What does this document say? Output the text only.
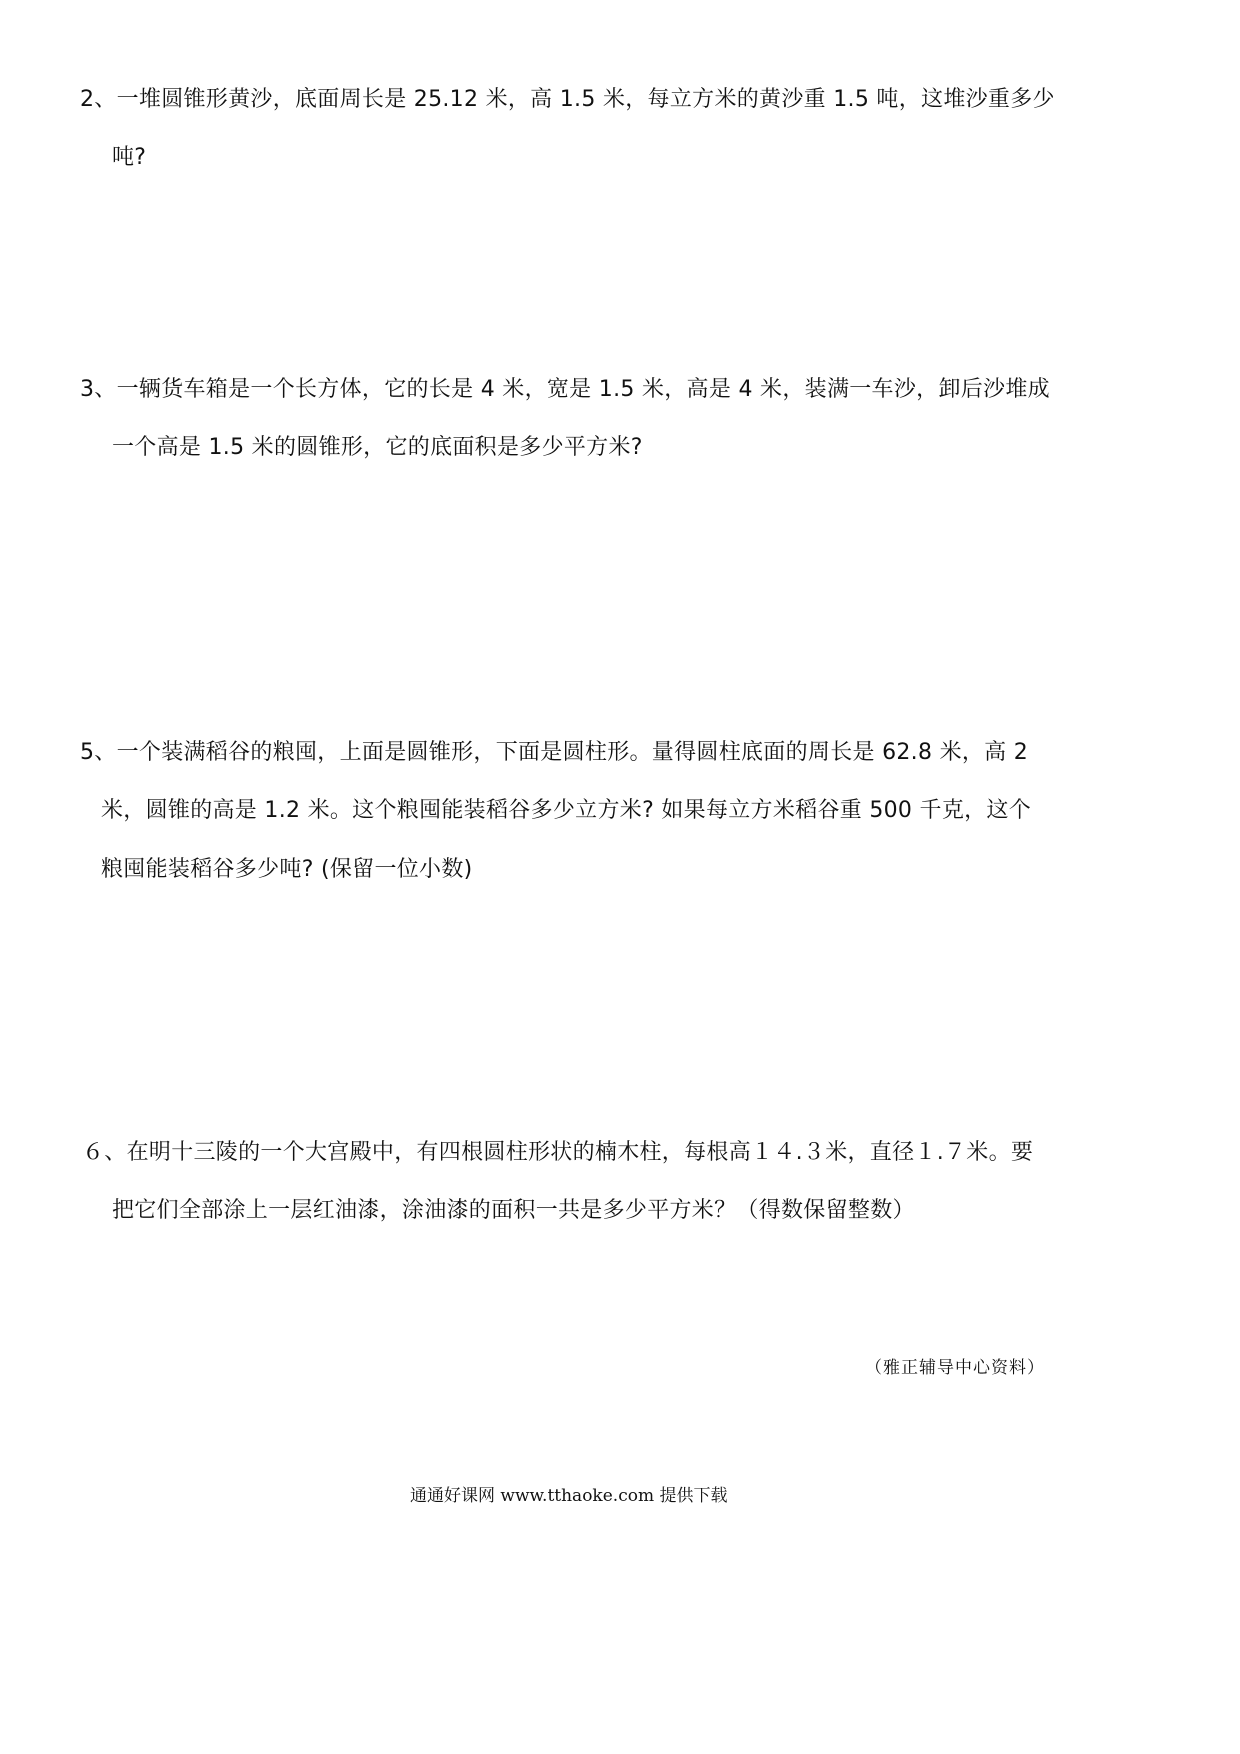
2、一堆圆锥形黄沙，底面周长是 25.12 米，高 1.5 米，每立方米的黄沙重 1.5 吨，这堆沙重多少
吨?
3、一辆货车箱是一个长方体，它的长是 4 米，宽是 1.5 米，高是 4 米，装满一车沙，卸后沙堆成
一个高是 1.5 米的圆锥形，它的底面积是多少平方米?
5、一个装满稻谷的粮囤，上面是圆锥形，下面是圆柱形。量得圆柱底面的周长是 62.8 米，高 2
米，圆锥的高是 1.2 米。这个粮囤能装稻谷多少立方米? 如果每立方米稻谷重 500 千克，这个
粮囤能装稻谷多少吨? (保留一位小数)
６、在明十三陵的一个大宫殿中，有四根圆柱形状的楠木柱，每根高１４.３米，直径１.７米。要
把它们全部涂上一层红油漆，涂油漆的面积一共是多少平方米？（得数保留整数）
（雅正辅导中心资料）
通通好课网 www.tthaoke.com 提供下载
